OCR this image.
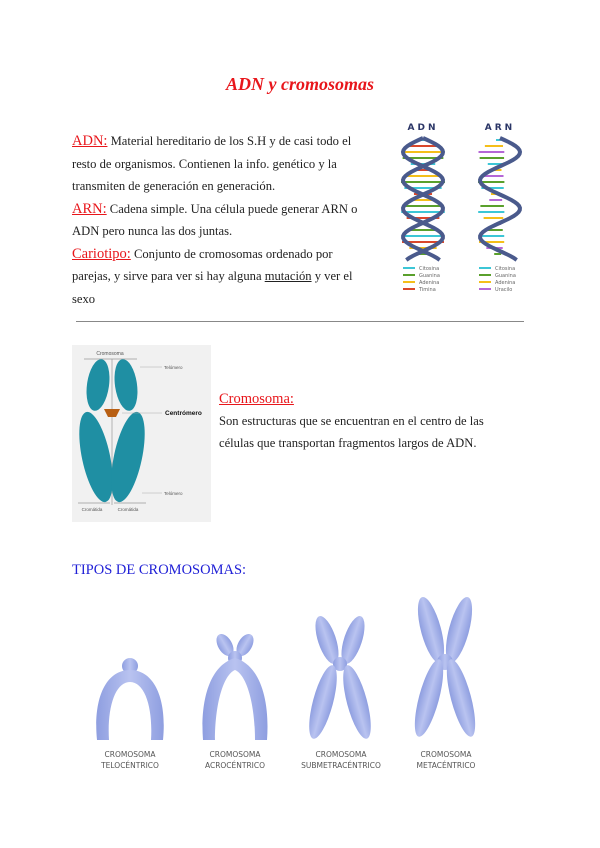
ADN y cromosomas
ADN: Material hereditario de los S.H y de casi todo el resto de organismos. Contienen la info. genético y la transmiten de generación en generación.
ARN: Cadena simple. Una célula puede generar ARN o ADN pero nunca las dos juntas.
Cariotipo: Conjunto de cromosomas ordenado por parejas, y sirve para ver si hay alguna mutación y ver el sexo
ADN	ARN
Citosina
Guanina
Adenina
Timina
Citosina
Guanina
Adenina
Uracilo
Cromosoma
Telómero
Centrómero
Telómero
Cromátida	Cromátida
Cromosoma:
Son estructuras que se encuentran en el centro de las células que transportan fragmentos largos de ADN.
TIPOS DE CROMOSOMAS:
CROMOSOMA
TELOCÉNTRICO
CROMOSOMA
ACROCÉNTRICO
CROMOSOMA
SUBMETRACÉNTRICO
CROMOSOMA
METACÉNTRICO
